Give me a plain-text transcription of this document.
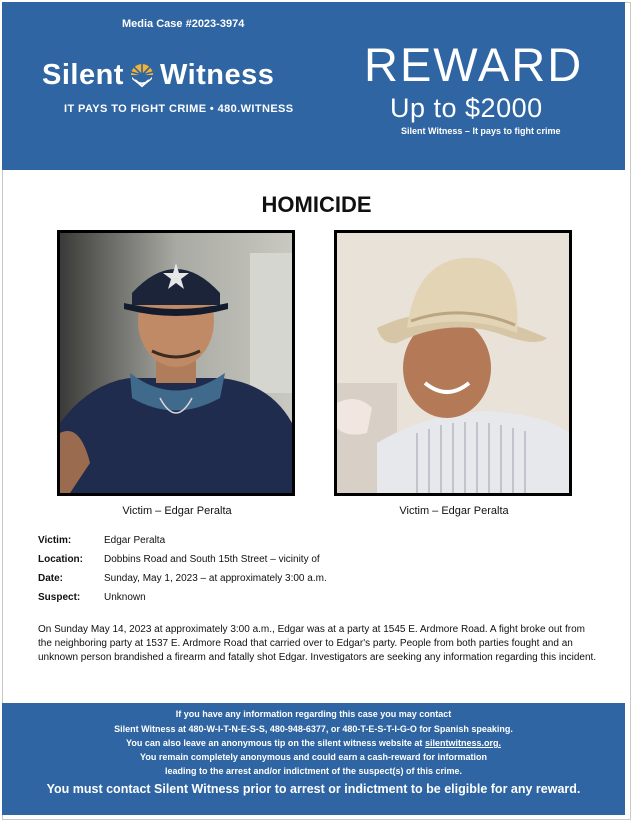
Media Case #2023-3974
Silent Witness
IT PAYS TO FIGHT CRIME • 480.WITNESS
REWARD
Up to $2000
Silent Witness – It pays to fight crime
HOMICIDE
Victim – Edgar Peralta	Victim – Edgar Peralta
Victim:	Edgar Peralta
Location: Dobbins Road and South 15th Street – vicinity of
Date:	Sunday, May 1, 2023 – at approximately 3:00 a.m.
Suspect: Unknown
On Sunday May 14, 2023 at approximately 3:00 a.m., Edgar was at a party at 1545 E. Ardmore Road. A fight broke out from the neighboring party at 1537 E. Ardmore Road that carried over to Edgar's party. People from both parties fought and an unknown person brandished a firearm and fatally shot Edgar. Investigators are seeking any information regarding this incident.
If you have any information regarding this case you may contact
Silent Witness at 480-W-I-T-N-E-S-S, 480-948-6377, or 480-T-E-S-T-I-G-O for Spanish speaking.
You can also leave an anonymous tip on the silent witness website at silentwitness.org.
You remain completely anonymous and could earn a cash-reward for information
leading to the arrest and/or indictment of the suspect(s) of this crime.
You must contact Silent Witness prior to arrest or indictment to be eligible for any reward.
